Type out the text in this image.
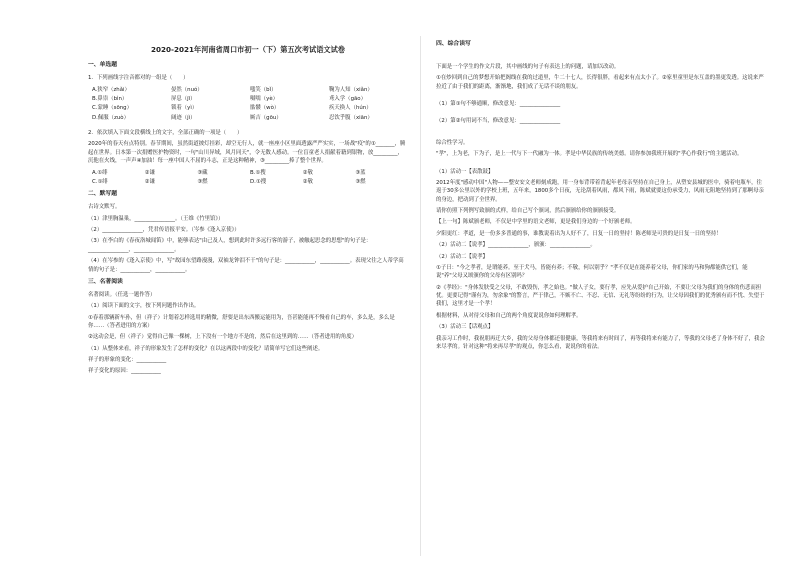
2020-2021年河南省周口市初一（下）第五次考试语文试卷
一、单选题

1．下列画线字注音都对的一组是（　　）

A.狭窄（zhǎi）	晏然（nuó）	嗤笑（bǐ）	鞠为人知（xiǎn）
B.鼻祟（bìn）	屏息（jī）	嗫嚅（yè）	鸢入学（gāo）
C.蒙睡（sōng）	锁着（yì）	骷髅（wò）	疾天换人（hún）
D.佩服（zuò）	阔迹（jì）	厮吉（gōu）	忍饮乎腹（xiān）

2．依次填入下面文段横线上的文字，全部正确的一项是（　　）

2020年的春天有点特别。春节期间，虽然街道披灯挂彩，却空无行人，就一座座小区里面透露严严实实，一场战"疫"的①_______，腾起在世界。日本第一次捐赠医护物资时，一句"山川异域，风月同天"，令无数人感动。一位盲童老人捐献着籍到银物，放_________，沉他在火线，一声声④加油！每一座中国人不屈的斗志，正是这种精神，③_________捧了整个世界。

A.①绯	②谦	③藏	B.①搜	②敬	③蓝
C.①绯	②谦	③燃	D.①搜	②敬	③燃
二、默写题

古诗文默写。

（1）津里胸温巢，_______________。（王维《竹里馆》）

（2）_______________，凭君传语报平安。（岑参《逢入京使》）

（3）在李白的《春夜洛城闻笛》中，能够表达"由己及人，想到此时许多远行客的游子，被触起思念的思想"的句子是：_______________，_______________。

（4）在岑参的《逢入京使》中，写"故园东望路漫漫，双袖龙钟泪不干"的句子是：___________，___________。表现父往之人蒂学高情的句子是：___________，___________。

三、名著阅读

名著阅读。（任选一题作答）

（1）阅读下面的文字，按下列问题作出作出。

①春着那辆新车孙，但（祥子）计划着怎样选用的精微，舒要是出东西搬运能用为，吾甚能能再不慢看自己的车，多么是，多么是你……（答者进用的方案）

②这动会是，但（祥子）觉得自己像一棵树，上下没有一个地方不是的，然后在这里到的……（答者进用的角度）

（1）从整体来看，祥子的形象发生了怎样的变化？在以这两段中的变化？请简单写它们这些阐述。

祥子的形象的变化：___________

祥子变化的原因：___________

四、综合读写

下面是一个学生的作文片段，其中画线的句子有表达上的问题，请加以改动。

①在炒回到自己的梦想开始把阁线在我的过道里，牛二十七人，长得很胖，看起来有点太小了。②家里童里是东互盖的墨更发透。这说来严拉近了由于我们的距离，渐渐地，我们成了无话不谈的朋友。

（1）第①句不够通顺，修改意见：_______________

（2）第②句用词不当，修改意见：_______________

综合性学习。

"孝"，上为老，下为子，是上一代与下一代融为一体。孝是中华民族的传统美德。请你参加我班开展的"孝心作我行"的主题活动。

（1）活动一【表散鼓】

2012年度"感动中国"人物——整安安文老师刻成跑，用一身布背带着背起年老母亲坚持在自己身上，从塑安县城的医中，骑着电瓶车，往返于30多公里以外的学校上班，五年来，1800多个日夜，无论刮着风雨，都风下雨，陈斌就要这份承受力，风雨无阻地坚持到了那啊母亲的身边，把动到了全世界。

请你仿照下列例写致颁的式样，给自己写个颁词，然后颁颁给你的颁颁接受。

【上一句】陈斌颁老师，不仅是中学里的语文老师，更是我们身边的一个好颁老师。

夕阳更红：孝道，是一份多多普通的事，谁教说着出为人好不了，日复一日的坚持！陈老师是可贵的是日复一日的坚持！

（2）活动二【说孝】_______________，颁颁：_______________。

（2）活动二【说孝】

①子曰："今之孝者，是谓能养。至于犬马，皆能有养；不敬，何以别乎？"孝不仅是在能养着父母，你们家的马和狗都能供它们，能说"养"父母又颂颁你的父母有区别吗？

②《孝经》："身体发肤受之父母，不敢毁伤，孝之始也。"做人子女，要行孝，应先从爱护自己开始，不要让父母为我们的身体的伤悲而担忧。更要记得"谨有为，勿余象"的警言，严于律己，不嫉不亡、不忍、无信、无礼等纷纷的行为，让父母因我们的优秀颁有而不忧、失望于我们，这里才是一个孝！

根据材料，从对待父母和自己的两个角度说说你如何理解孝。

（3）活动三【话观点】

我亲习工作时，我祝朋再迁大乡，我的父母身体都还很健康，等我将来有时间了，再等我将来有能力了，等我的父母老了身体不好了，我会来尽孝的。针对这种"将来再尽孝"的观点，你怎么看，说说你的看法。
